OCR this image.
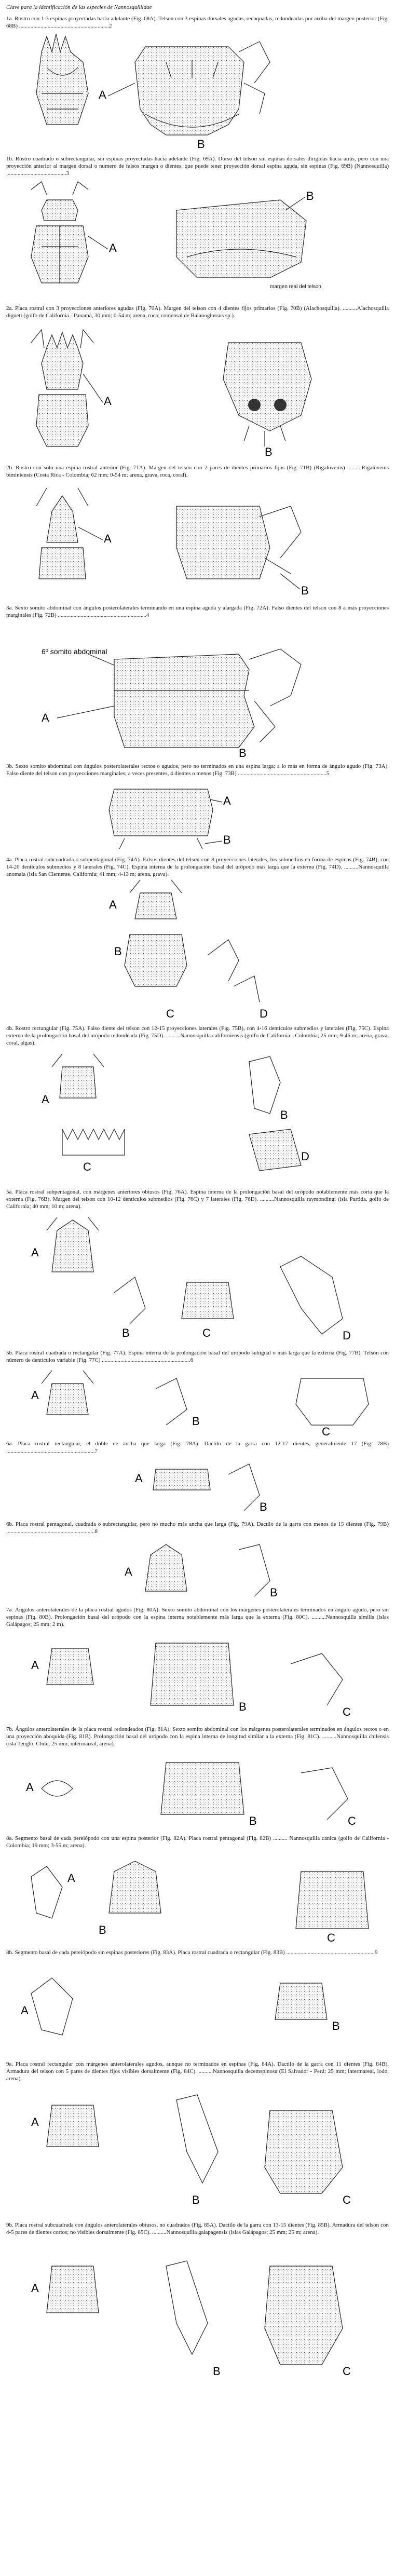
Clave para la identificación de las especies de Nannosquillidae
1a. Rostro con 1-3 espinas proyectadas hacia adelante (Fig. 68A). Telson con 3 espinas dorsales agudas, redaquadas, redondeadas por arriba del margen posterior (Fig. 68B) ...............................................................2
A
B
1b. Rostro cuadrado o subrectangular, sin espinas proyectadas hacia adelante (Fig. 69A). Dorso del telson sin espinas dorsales dirigidas hacia atrás, pero con una proyección anterior al margen dorsal o numero de falsos margen o dientes, que puede tener proyección dorsal espina aguda, sin espinas (Fig. 69B) (Nannosquilla) ..........................................3
A
B
margen real del telson
2a. Placa rostral con 3 proyecciones anteriores agudas (Fig. 70A). Margen del telson con 4 dientes fijos primarios (Fig. 70B) (Alachosquilla). ..........Alachosquilla digueti (golfo de California - Panamá, 30 mm; 0-54 m; arena, roca; comensal de Balanoglossus sp.).
A
B
2b. Rostro con sólo una espina rostral anterior (Fig. 71A). Margen del telson con 2 pares de dientes primarios fijos (Fig. 71B) (Rigaloveins) ..........Rigaloveins biminiensis (Costa Rica - Colombia; 62 mm; 0-54 m; arena, grava, roca, coral).
A
B
3a. Sexto somito abdominal con ángulos posterolaterales terminando en una espina aguda y alargada (Fig. 72A). Falso dientes del telson con 8 a más proyecciones marginales (Fig. 72B) ..............................................................4
6º somito abdominal
A
B
3b. Sexto somito abdominal con ángulos posterolaterales rectos o agudos, pero no terminados en una espina larga; a lo más en forma de ángulo agudo (Fig. 73A). Falso diente del telson con proyecciones marginales; a veces presentes, 4 dientes o menos (Fig. 73B) ..............................................................5
A
B
4a. Placa rostral subcuadrada o subpentagonal (Fig. 74A). Falsos dientes del telson con 8 proyecciones laterales, los submedios en forma de espinas (Fig. 74B), con 14-20 dentículos submedios y 8 laterales (Fig. 74C). Espina interna de la prolongación basal del urópodo más larga que la externa (Fig. 74D). ..........Nannosquilla anomala (isla San Clemente, California; 41 mm; 4-13 m; arena, grava).
A
B
C	D
4b. Rostro rectangular (Fig. 75A). Falso diente del telson con 12-15 proyecciones laterales (Fig. 75B), con 4-16 dentículos submedios y laterales (Fig. 75C). Espina externa de la prolongación basal del urópodo redondeada (Fig. 75D). ..........Nannosquilla californiensis (golfo de California - Colombia; 25 mm; 9-46 m; arena, grava, coral, algas).
A
B
C
D
5a. Placa rostral subpentagonal, con márgenes anteriores obtusos (Fig. 76A). Espina interna de la prolongación basal del urópodo notablemente más corta que la externa (Fig. 76B). Margen del telson con 10-12 dentículos submedios (Fig. 76C) y 7 laterales (Fig. 76D). ..........Nannosquilla raymondingi (isla Partida, golfo de California; 40 mm; 10 m; arena).
A
B	C	D
5b. Placa rostral cuadrada o rectangular (Fig. 77A). Espina interna de la prolongación basal del urópodo subigual o más larga que la externa (Fig. 77B). Telson con número de dentículos variable (Fig. 77C) ..............................................................6
A
B
C
6a. Placa rostral rectangular, el doble de ancha que larga (Fig. 78A). Dactilo de la garra con 12-17 dientes, generalmente 17 (Fig. 78B) ..............................................................7
A
B
6b. Placa rostral pentagonal, cuadrada o subrectangular, pero no mucho más ancha que larga (Fig. 79A). Dactilo de la garra con menos de 15 dientes (Fig. 79B) ..............................................................8
A
B
7a. Ángulos anterolaterales de la placa rostral agudos (Fig. 80A). Sexto somito abdominal con los márgenes posterolaterales terminados en ángulo agudo, pero sin espinas (Fig. 80B). Prolongación basal del urópodo con la espina interna notablemente más larga que la externa (Fig. 80C). ..........Nannosquilla similis (islas Galápagos; 25 mm; 2 m).
A
B	C
7b. Ángulos anterolaterales de la placa rostral redondeados (Fig. 81A). Sexto somito abdominal con los márgenes posterolaterales terminados en ángulos rectos o en una proyección aboquida (Fig. 81B). Prolongación basal del urópodo con la espina interna de longitud similar a la externa (Fig. 81C). ..........Nannosquilla chilensis (isla Tenglo, Chile; 25 mm; intermareal, arena).
A
B	C
8a. Segmento basal de cada pereiópodo con una espina posterior (Fig. 82A). Placa rostral pentagonal (Fig. 82B) .......... Nannosquilla canica (golfo de California - Colombia; 19 mm; 3-55 m; arena).
A
B
C
8b. Segmento basal de cada pereiópodo sin espinas posteriores (Fig. 83A). Placa rostral cuadrada o rectangular (Fig. 83B) ..............................................................9
A
B
9a. Placa rostral rectangular con márgenes anterolaterales agudos, aunque no terminados en espinas (Fig. 84A). Dactilo de la garra con 11 dientes (Fig. 84B). Armadura del telson con 5 pares de dientes fijos visibles dorsalmente (Fig. 84C). ..........Nannosquilla decemspinosa (El Salvador - Perú; 25 mm; intermareal, lodo, arena).
A
B	C
9b. Placa rostral subcuadrada con ángulos anterolaterales obtusos, no cuadrados (Fig. 85A). Dactilo de la garra con 13-15 dientes (Fig. 85B). Armadura del telson con 4-5 pares de dientes cortos; no visibles dorsalmente (Fig. 85C). ..........Nannosquilla galapagensis (islas Galápagos; 25 mm; 25 m; arena).
A
B	C
